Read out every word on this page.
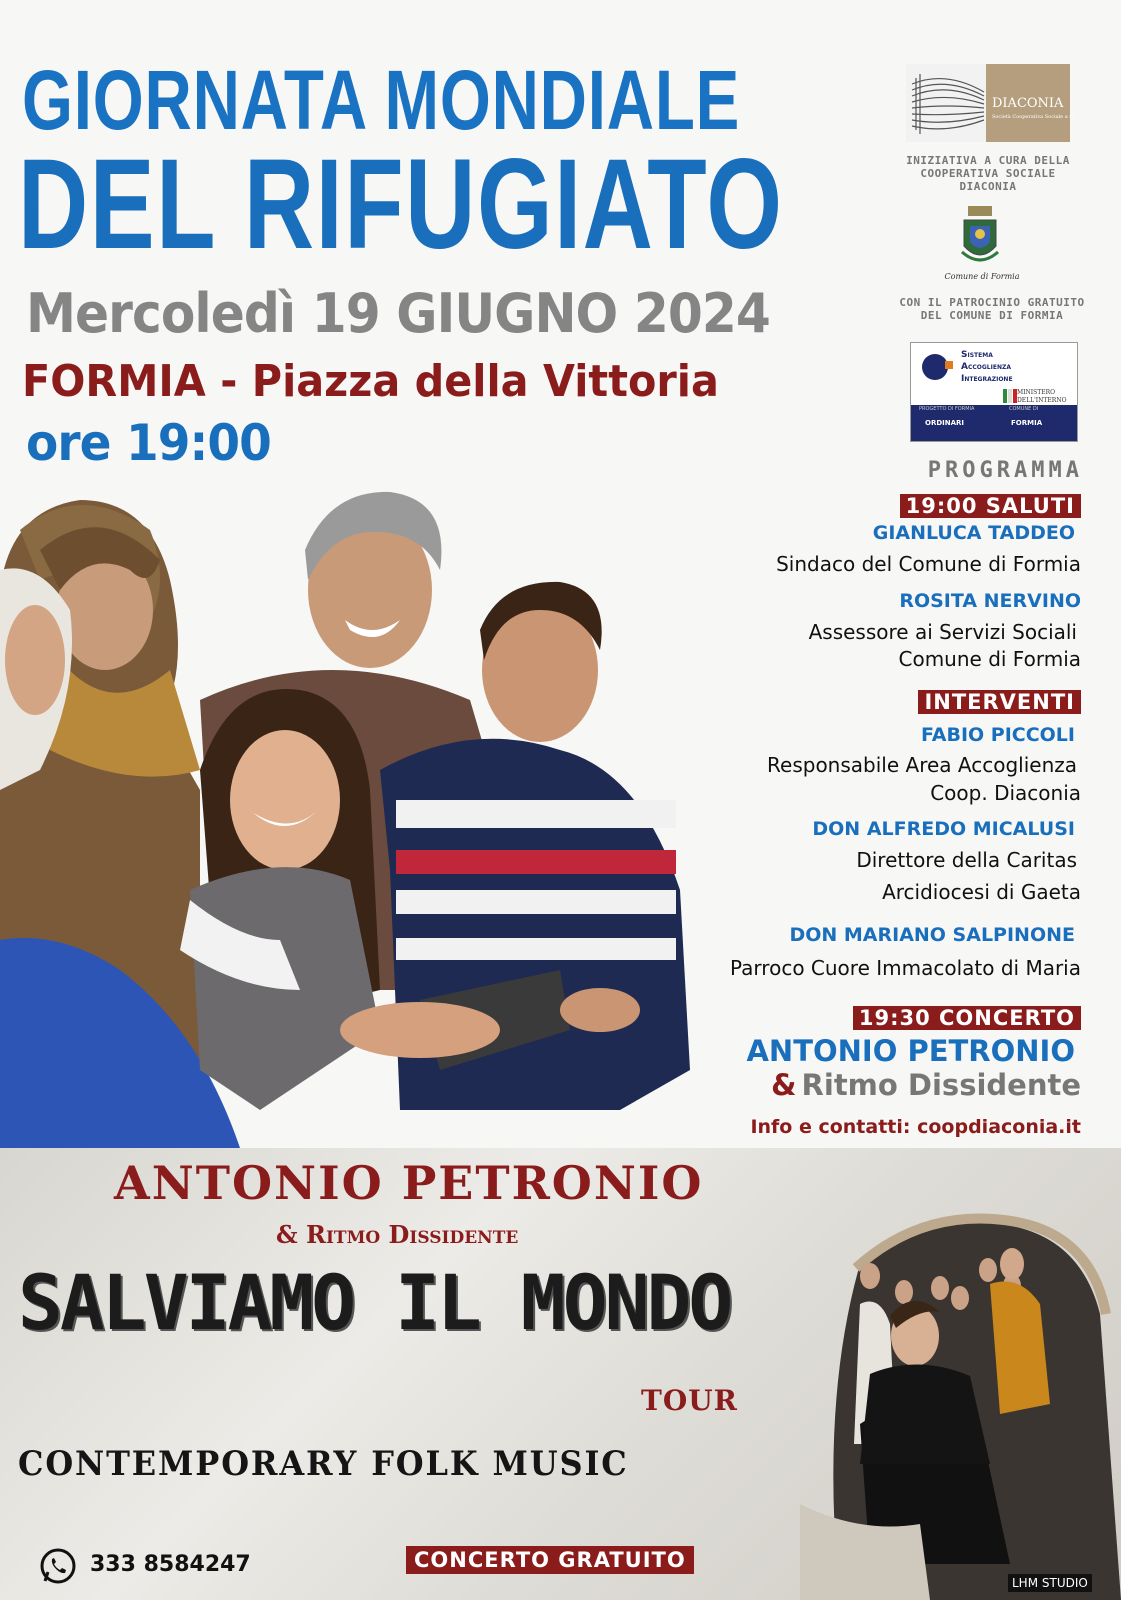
GIORNATA MONDIALE
DEL RIFUGIATO
Mercoledì 19 GIUGNO 2024
FORMIA - Piazza della Vittoria
ore 19:00
DIACONIA
Società Cooperativa Sociale a r.l.
INIZIATIVA A CURA DELLA
COOPERATIVA SOCIALE
DIACONIA
Comune di Formia
CON IL PATROCINIO GRATUITO
DEL COMUNE DI FORMIA
Sistema
Accoglienza
Integrazione
MINISTERO DELL'INTERNO
PROGETTO DI FORMIA
ORDINARI
COMUNE DI
FORMIA
PROGRAMMA
19:00 SALUTI
GIANLUCA TADDEO
Sindaco del Comune di Formia
ROSITA NERVINO
Assessore ai Servizi Sociali
Comune di Formia
INTERVENTI
FABIO PICCOLI
Responsabile Area Accoglienza
Coop. Diaconia
DON ALFREDO MICALUSI
Direttore della Caritas
Arcidiocesi di Gaeta
DON MARIANO SALPINONE
Parroco Cuore Immacolato di Maria
19:30 CONCERTO
ANTONIO PETRONIO
& Ritmo Dissidente
Info e contatti: coopdiaconia.it
ANTONIO PETRONIO
& Ritmo Dissidente
SALVIAMO IL MONDO
TOUR
CONTEMPORARY FOLK MUSIC
333 8584247	CONCERTO GRATUITO
LHM STUDIO
